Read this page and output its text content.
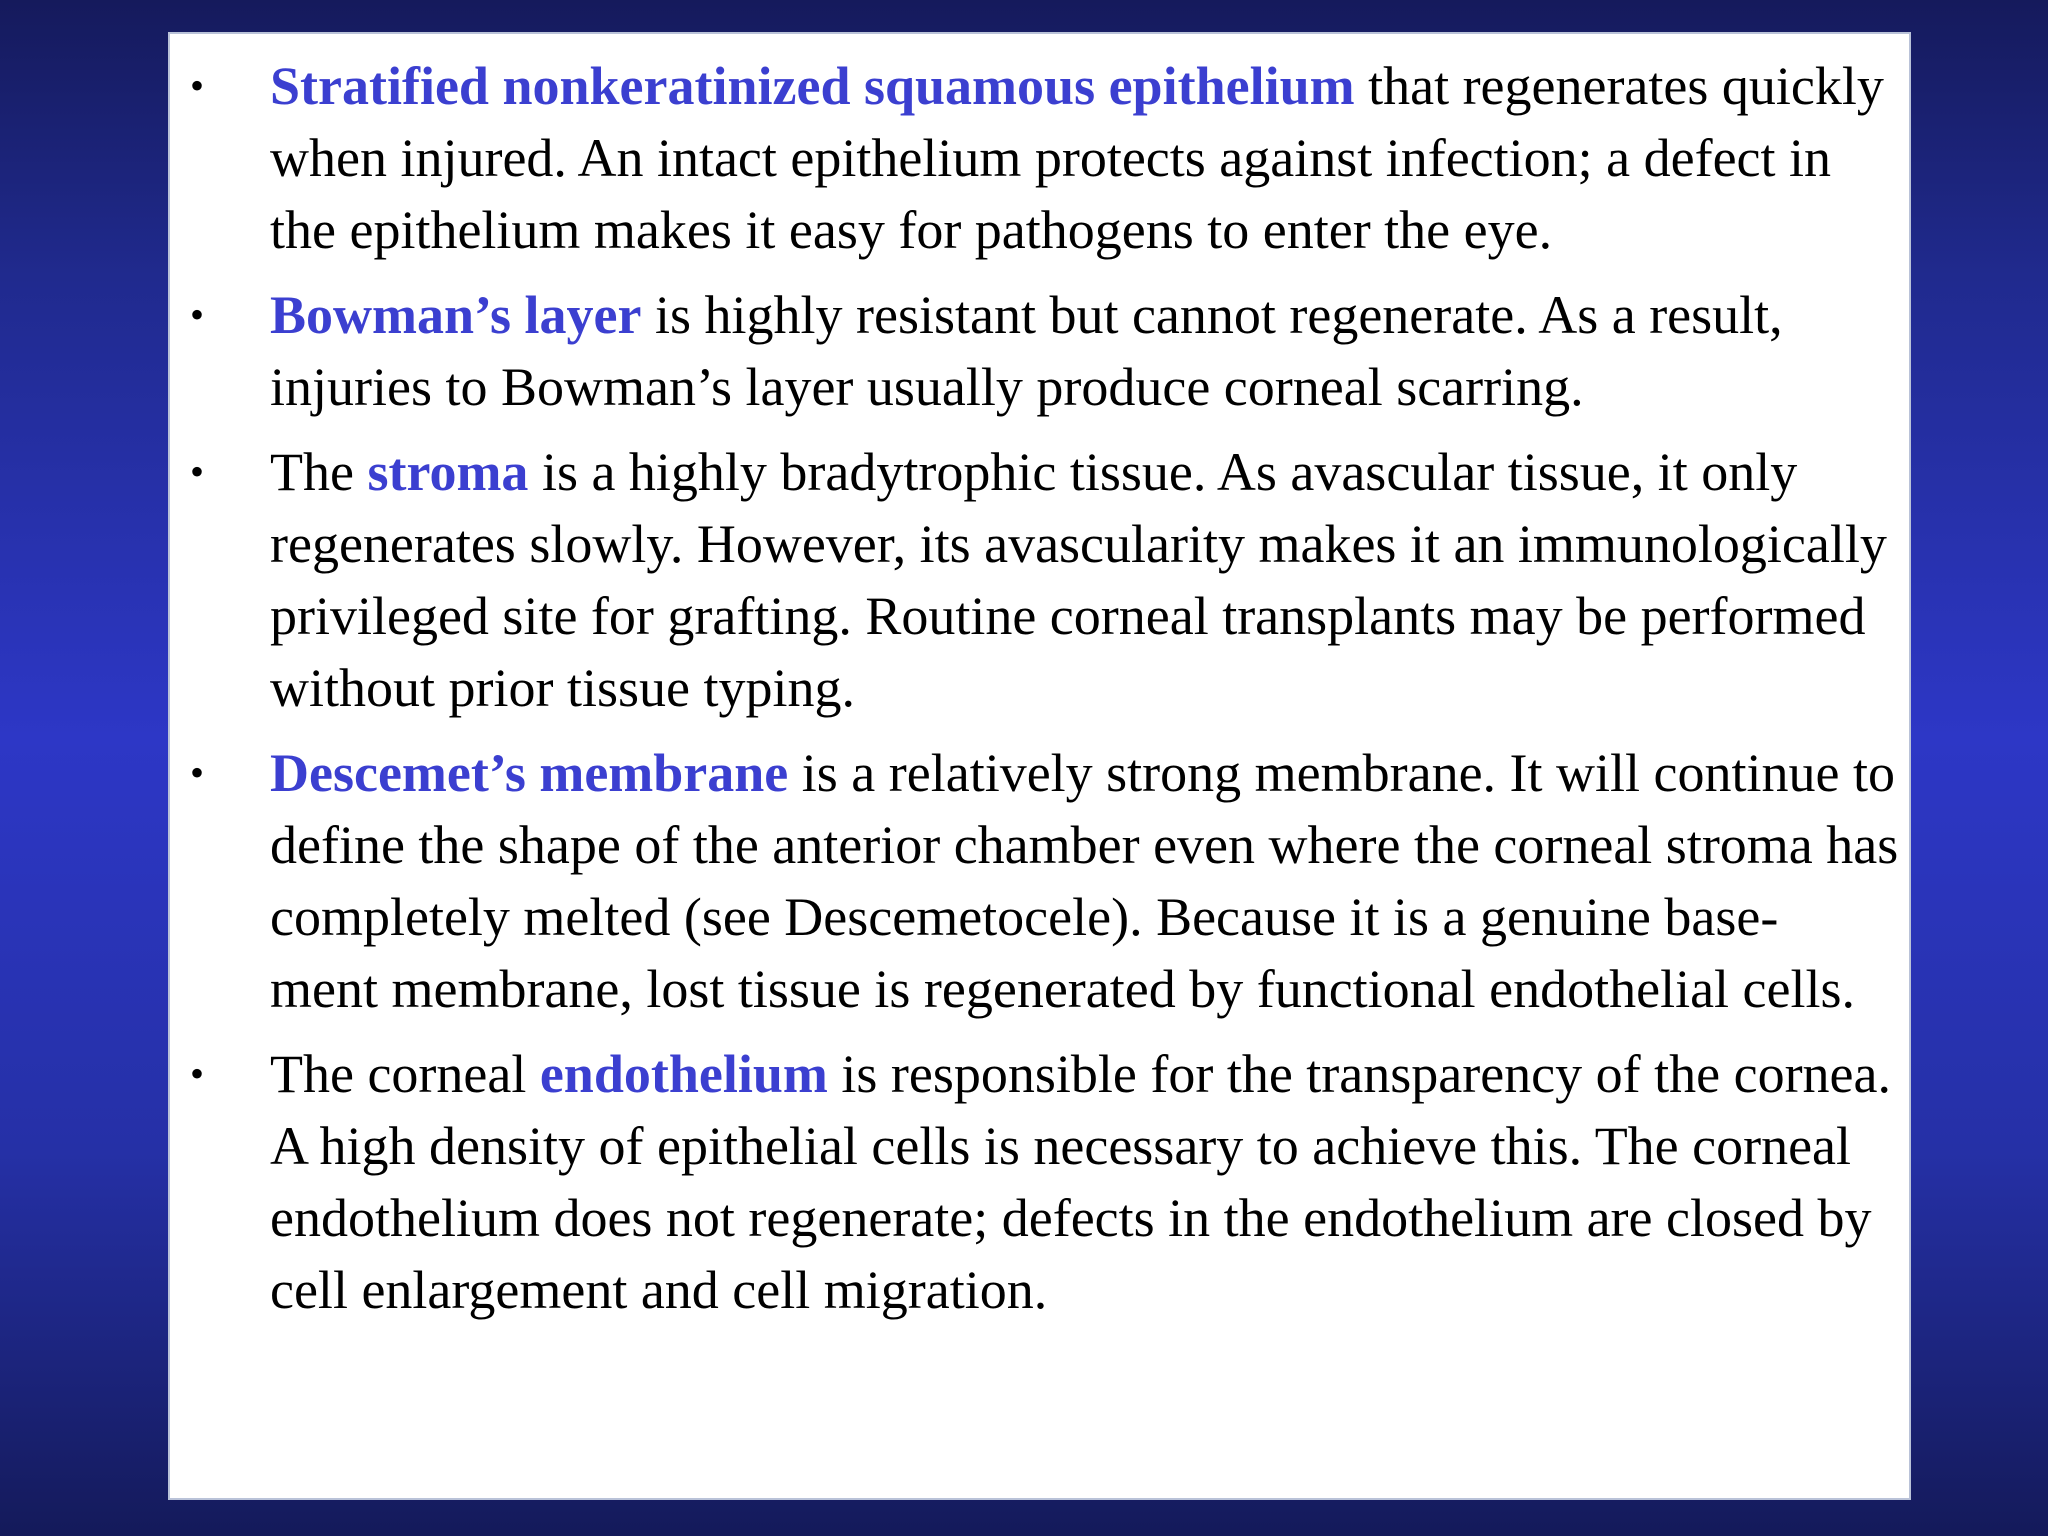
• Stratified nonkeratinized squamous epithelium that regenerates quickly when injured. An intact epithelium protects against infection; a defect in the epithelium makes it easy for pathogens to enter the eye.
• Bowman’s layer is highly resistant but cannot regenerate. As a result, injuries to Bowman’s layer usually produce corneal scarring.
• The stroma is a highly bradytrophic tissue. As avascular tissue, it only regenerates slowly. However, its avascularity makes it an immunologically privileged site for grafting. Routine corneal transplants may be performed without prior tissue typing.
• Descemet’s membrane is a relatively strong membrane. It will continue to define the shape of the anterior chamber even where the corneal stroma has completely melted (see Descemetocele). Because it is a genuine base- ment membrane, lost tissue is regenerated by functional endothelial cells.
• The corneal endothelium is responsible for the transparency of the cornea. A high density of epithelial cells is necessary to achieve this. The corneal endothelium does not regenerate; defects in the endothelium are closed by cell enlargement and cell migration.
